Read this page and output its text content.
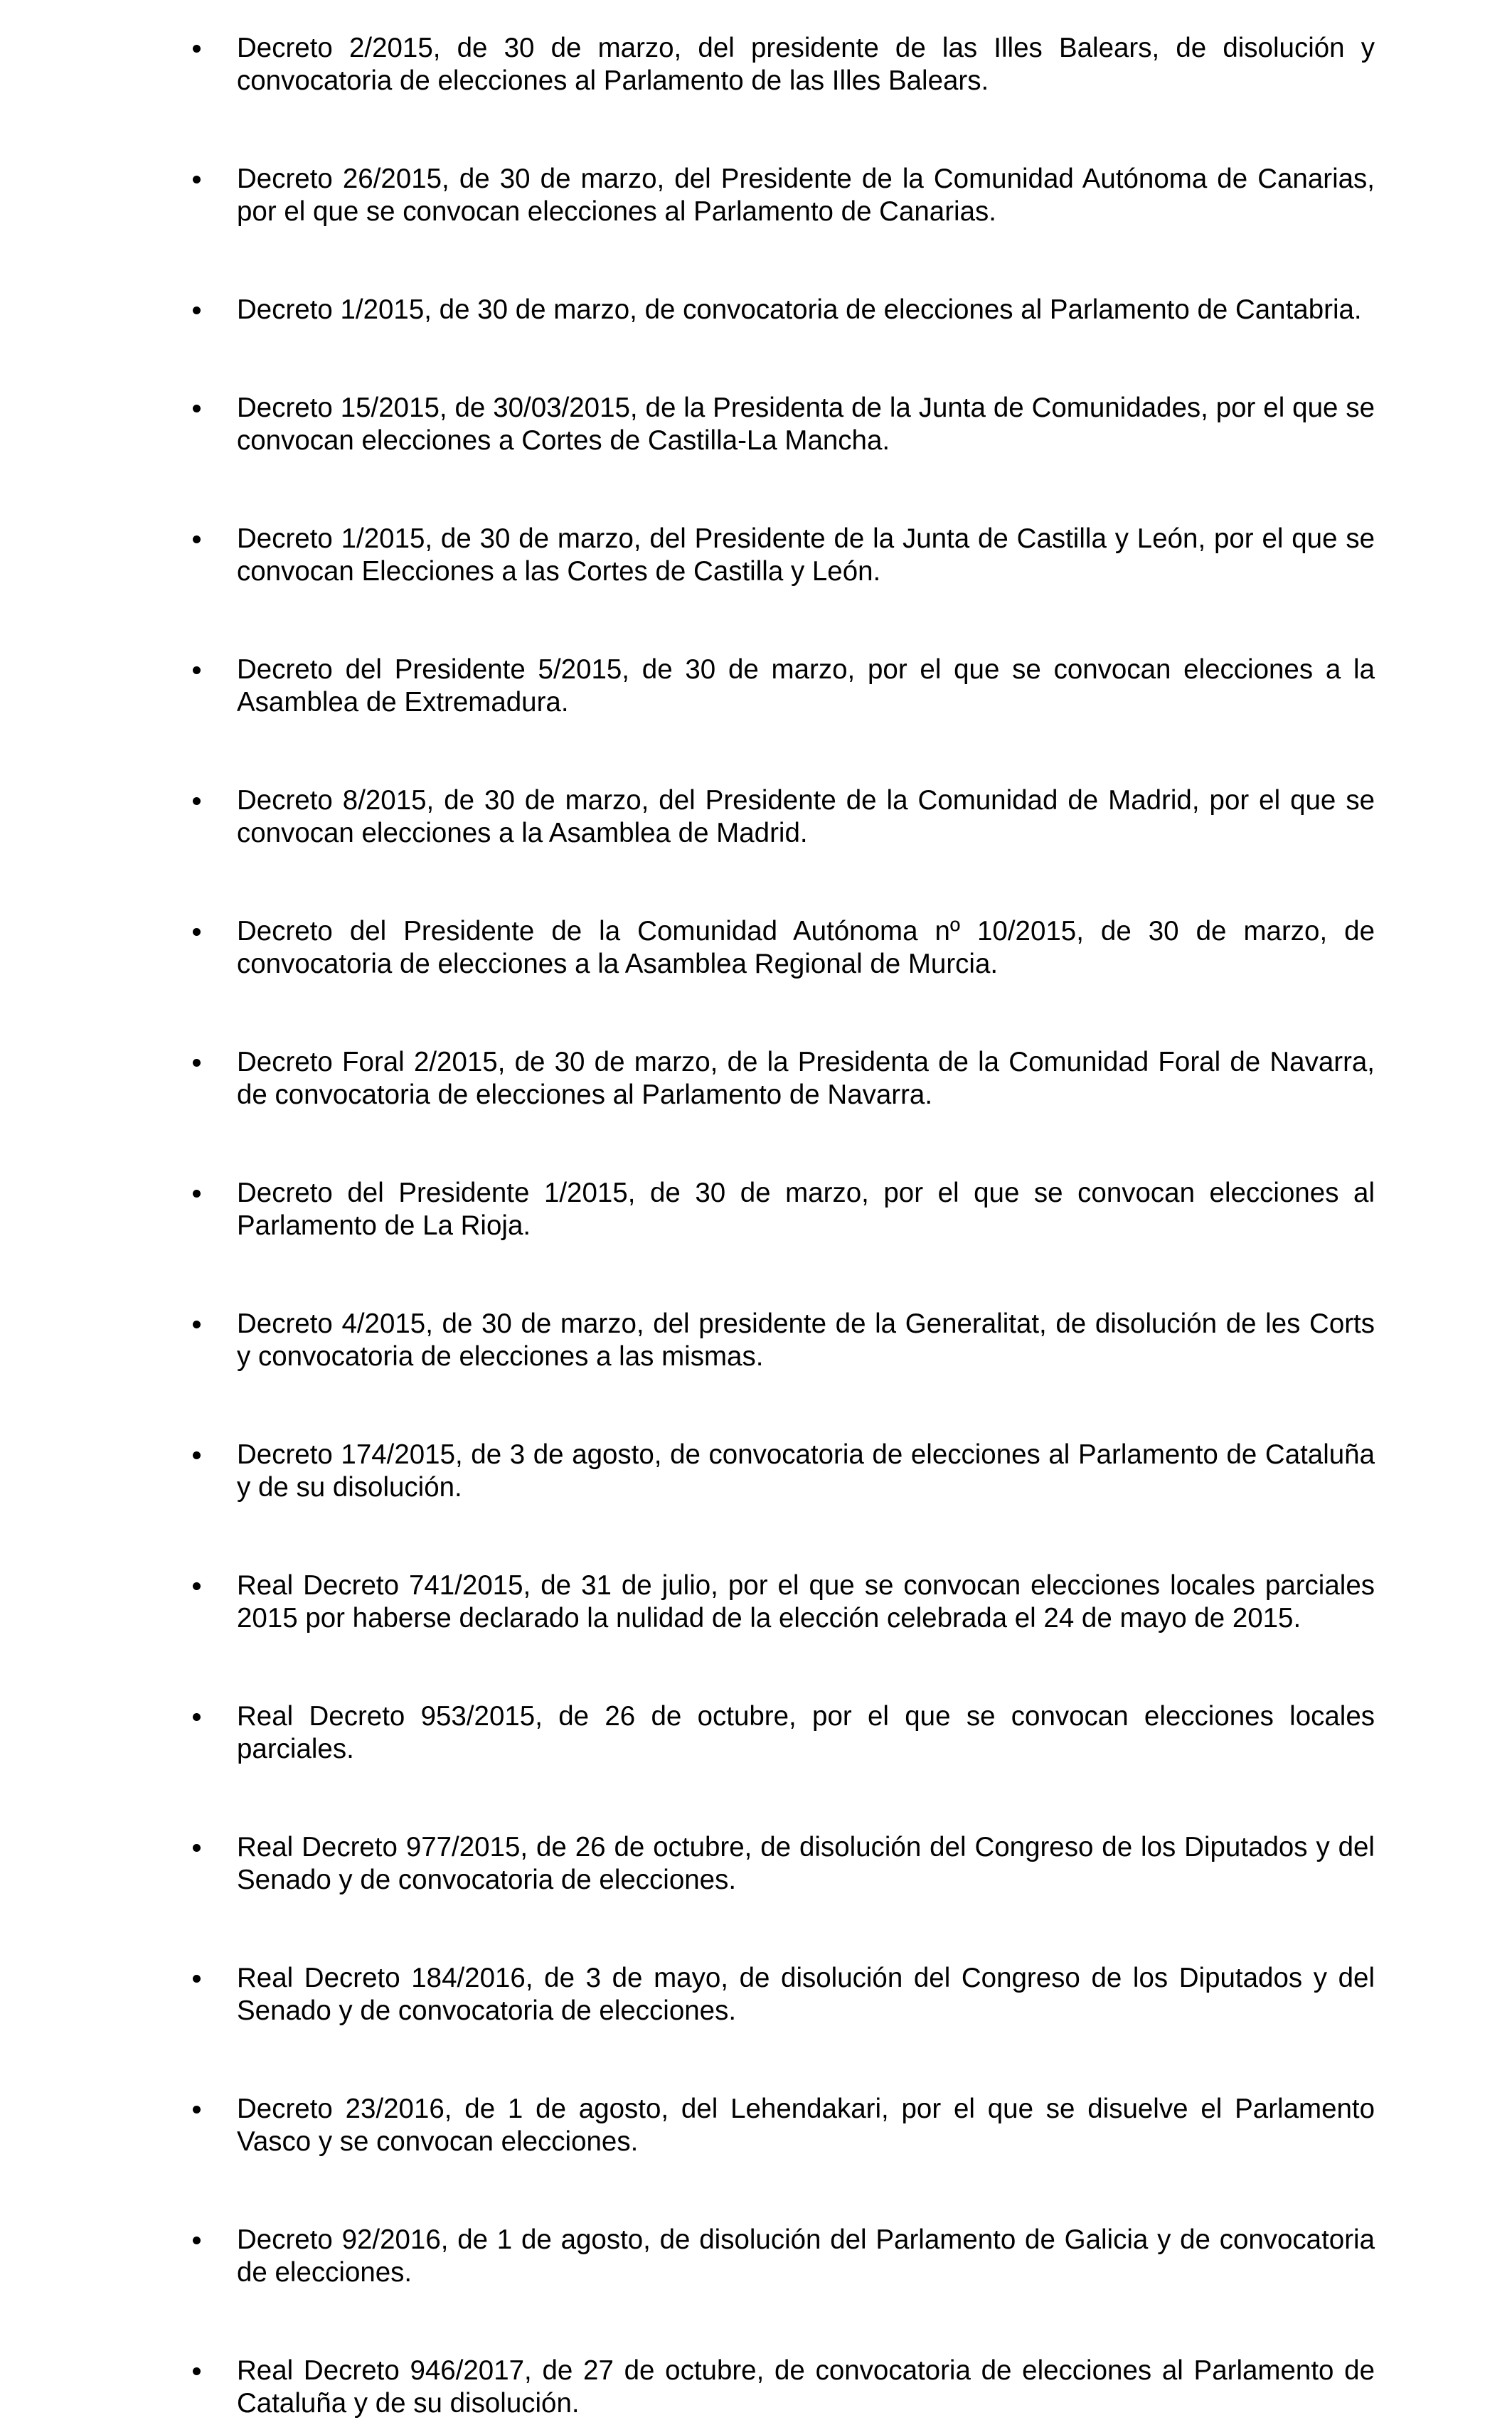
Decreto 2/2015, de 30 de marzo, del presidente de las Illes Balears, de disolución y convocatoria de elecciones al Parlamento de las Illes Balears.
Decreto 26/2015, de 30 de marzo, del Presidente de la Comunidad Autónoma de Canarias, por el que se convocan elecciones al Parlamento de Canarias.
Decreto 1/2015, de 30 de marzo, de convocatoria de elecciones al Parlamento de Cantabria.
Decreto 15/2015, de 30/03/2015, de la Presidenta de la Junta de Comunidades, por el que se convocan elecciones a Cortes de Castilla-La Mancha.
Decreto 1/2015, de 30 de marzo, del Presidente de la Junta de Castilla y León, por el que se convocan Elecciones a las Cortes de Castilla y León.
Decreto del Presidente 5/2015, de 30 de marzo, por el que se convocan elecciones a la Asamblea de Extremadura.
Decreto 8/2015, de 30 de marzo, del Presidente de la Comunidad de Madrid, por el que se convocan elecciones a la Asamblea de Madrid.
Decreto del Presidente de la Comunidad Autónoma nº 10/2015, de 30 de marzo, de convocatoria de elecciones a la Asamblea Regional de Murcia.
Decreto Foral 2/2015, de 30 de marzo, de la Presidenta de la Comunidad Foral de Navarra, de convocatoria de elecciones al Parlamento de Navarra.
Decreto del Presidente 1/2015, de 30 de marzo, por el que se convocan elecciones al Parlamento de La Rioja.
Decreto 4/2015, de 30 de marzo, del presidente de la Generalitat, de disolución de les Corts y convocatoria de elecciones a las mismas.
Decreto 174/2015, de 3 de agosto, de convocatoria de elecciones al Parlamento de Cataluña y de su disolución.
Real Decreto 741/2015, de 31 de julio, por el que se convocan elecciones locales parciales 2015 por haberse declarado la nulidad de la elección celebrada el 24 de mayo de 2015.
Real Decreto 953/2015, de 26 de octubre, por el que se convocan elecciones locales parciales.
Real Decreto 977/2015, de 26 de octubre, de disolución del Congreso de los Diputados y del Senado y de convocatoria de elecciones.
Real Decreto 184/2016, de 3 de mayo, de disolución del Congreso de los Diputados y del Senado y de convocatoria de elecciones.
Decreto 23/2016, de 1 de agosto, del Lehendakari, por el que se disuelve el Parlamento Vasco y se convocan elecciones.
Decreto 92/2016, de 1 de agosto, de disolución del Parlamento de Galicia y de convocatoria de elecciones.
Real Decreto 946/2017, de 27 de octubre, de convocatoria de elecciones al Parlamento de Cataluña y de su disolución.
